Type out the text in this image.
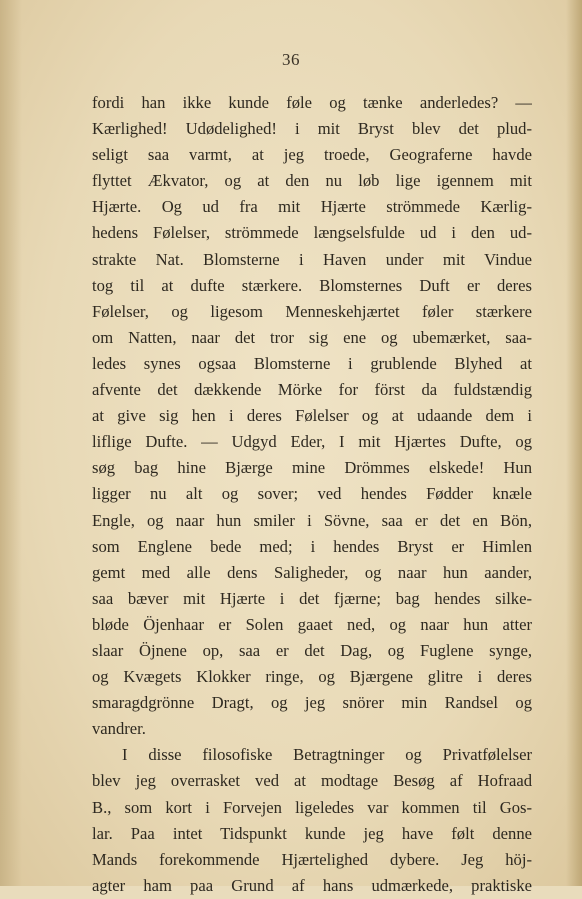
36
fordi han ikke kunde føle og tænke anderledes? —
Kærlighed! Udødelighed! i mit Bryst blev det plud-
seligt saa varmt, at jeg troede, Geograferne havde
flyttet Ækvator, og at den nu løb lige igennem mit
Hjærte. Og ud fra mit Hjærte strömmede Kærlig-
hedens Følelser, strömmede længselsfulde ud i den ud-
strakte Nat. Blomsterne i Haven under mit Vindue
tog til at dufte stærkere. Blomsternes Duft er deres
Følelser, og ligesom Menneskehjærtet føler stærkere
om Natten, naar det tror sig ene og ubemærket, saa-
ledes synes ogsaa Blomsterne i grublende Blyhed at
afvente det dækkende Mörke for först da fuldstændig
at give sig hen i deres Følelser og at udaande dem i
liflige Dufte. — Udgyd Eder, I mit Hjærtes Dufte, og
søg bag hine Bjærge mine Drömmes elskede! Hun
ligger nu alt og sover; ved hendes Fødder knæle
Engle, og naar hun smiler i Sövne, saa er det en Bön,
som Englene bede med; i hendes Bryst er Himlen
gemt med alle dens Saligheder, og naar hun aander,
saa bæver mit Hjærte i det fjærne; bag hendes silke-
bløde Öjenhaar er Solen gaaet ned, og naar hun atter
slaar Öjnene op, saa er det Dag, og Fuglene synge,
og Kvægets Klokker ringe, og Bjærgene glitre i deres
smaragdgrönne Dragt, og jeg snörer min Randsel og
vandrer.
I disse filosofiske Betragtninger og Privatfølelser
blev jeg overrasket ved at modtage Besøg af Hofraad
B., som kort i Forvejen ligeledes var kommen til Gos-
lar. Paa intet Tidspunkt kunde jeg have følt denne
Mands forekommende Hjærtelighed dybere. Jeg höj-
agter ham paa Grund af hans udmærkede, praktiske
